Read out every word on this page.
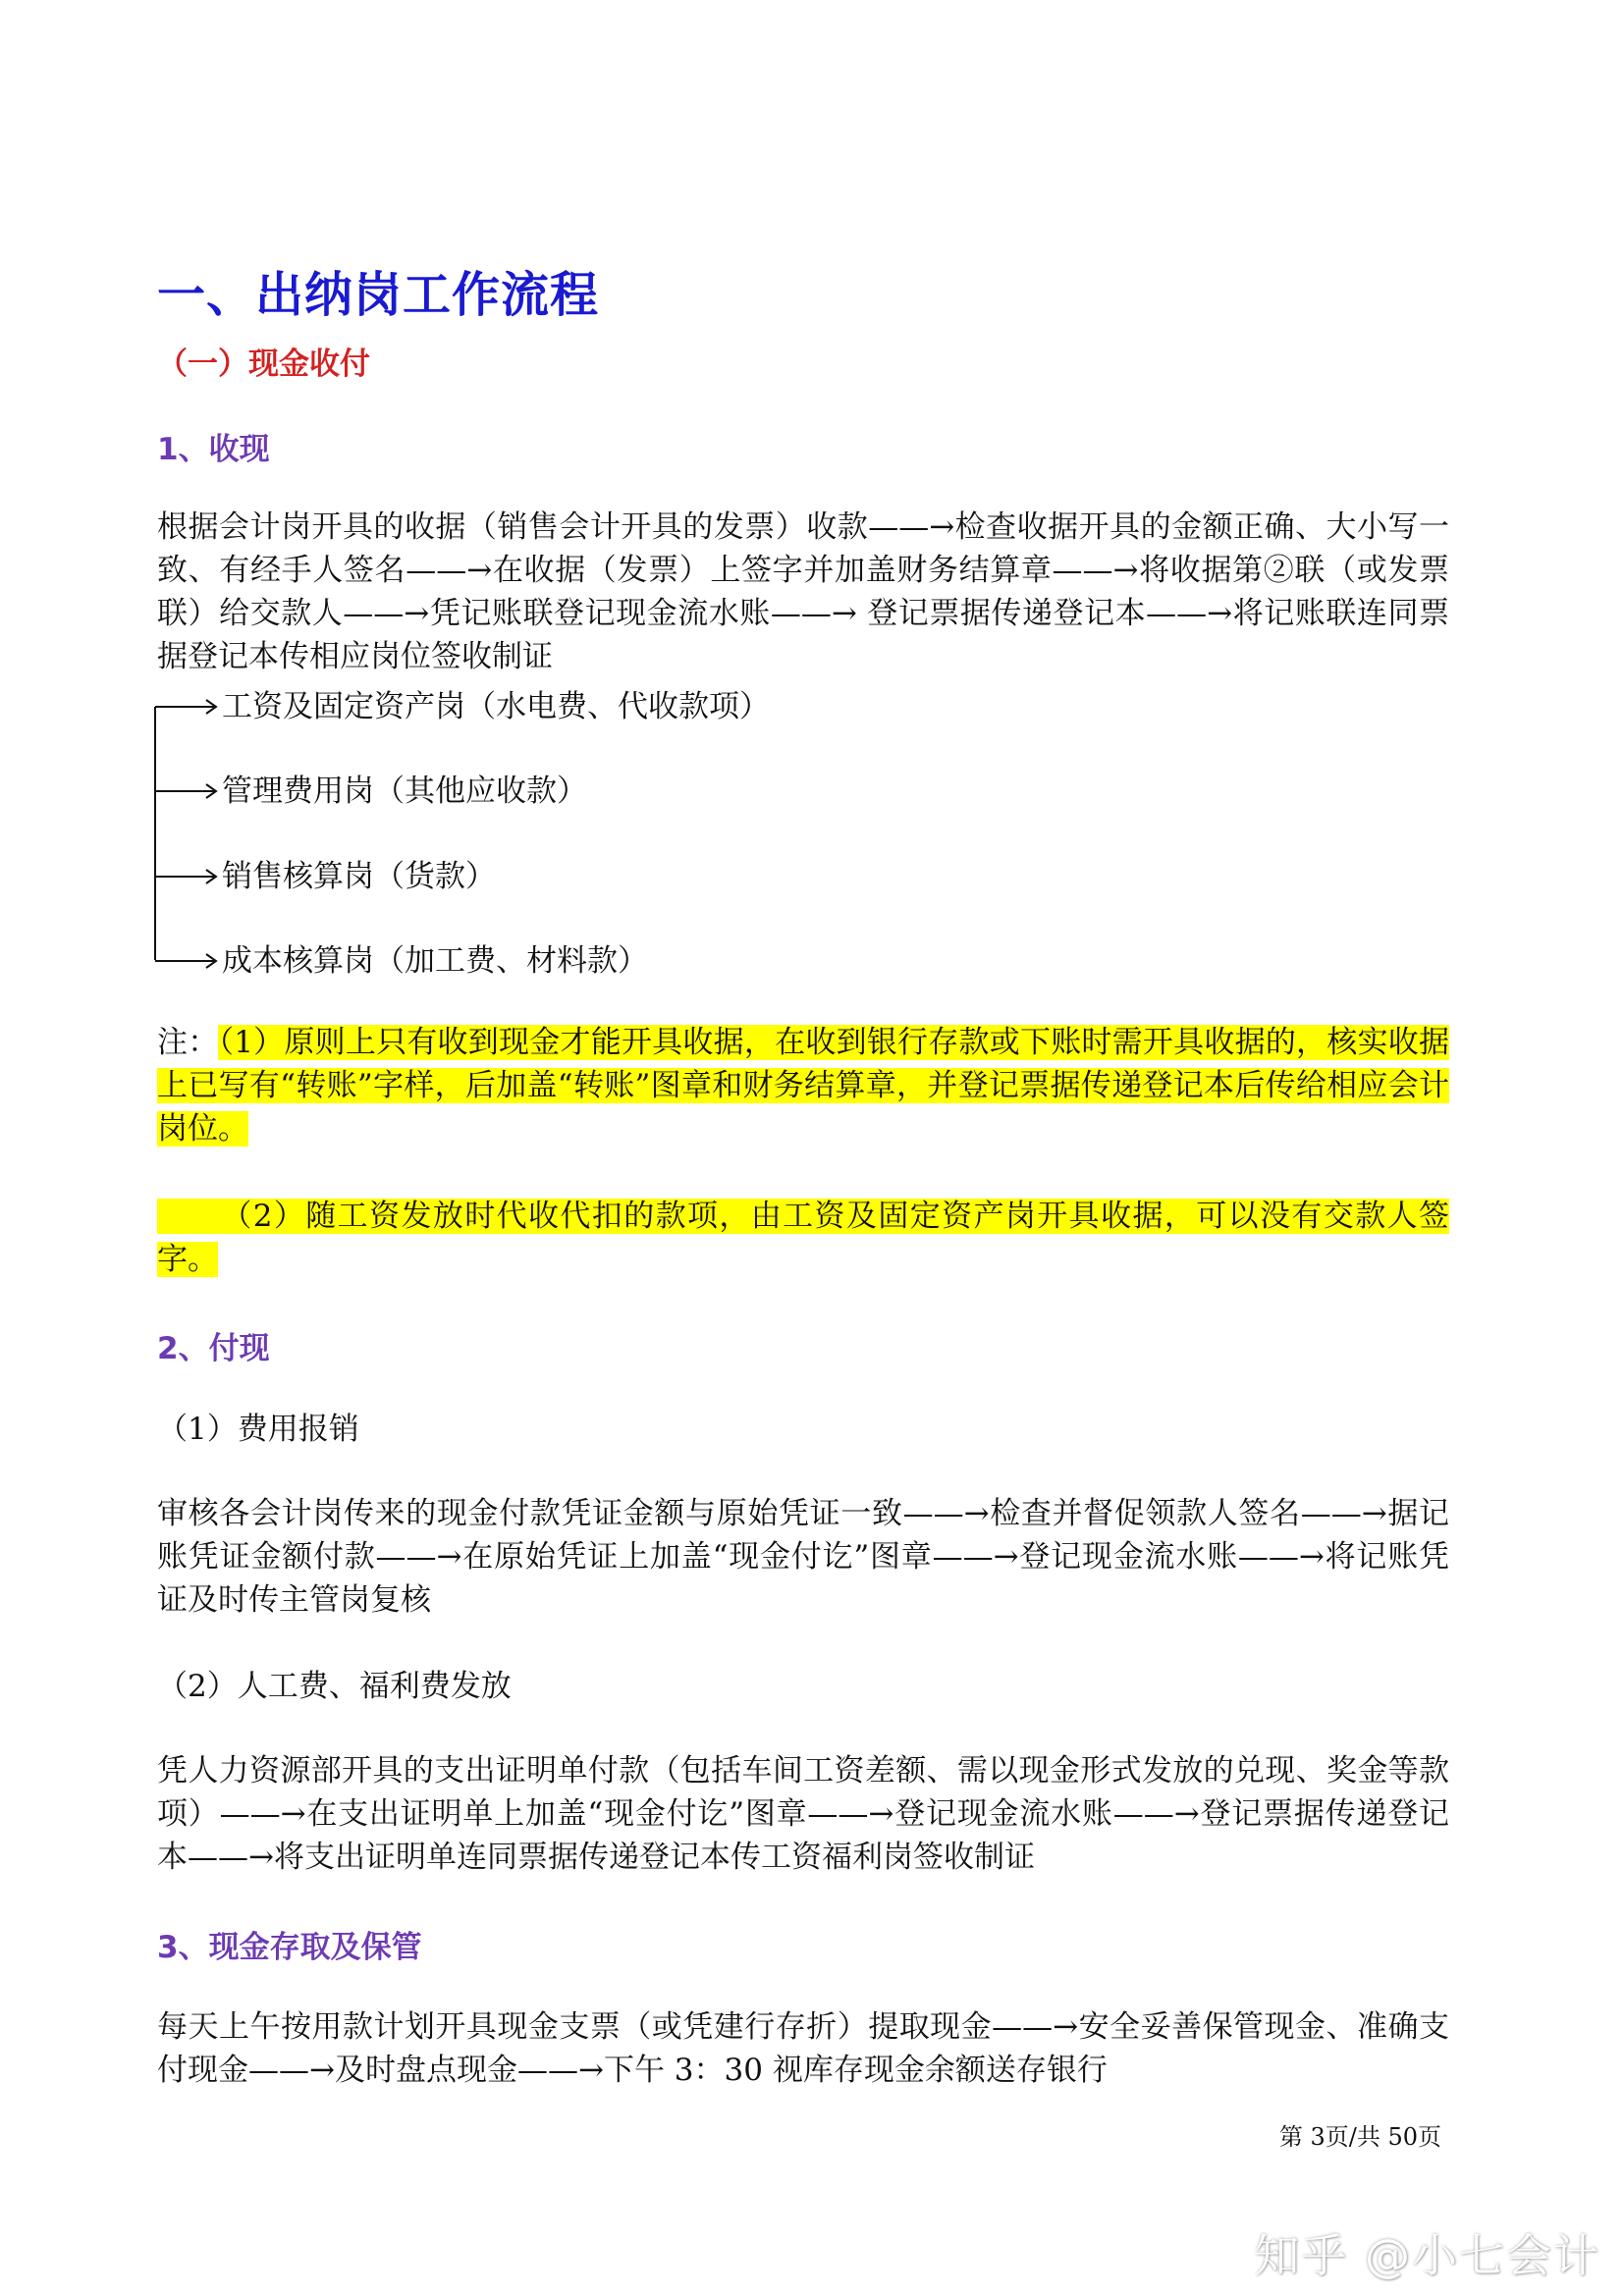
一、出纳岗工作流程
（一）现金收付
1、收现
根据会计岗开具的收据（销售会计开具的发票）收款——→检查收据开具的金额正确、大小写一致、有经手人签名——→在收据（发票）上签字并加盖财务结算章——→将收据第②联（或发票联）给交款人——→凭记账联登记现金流水账——→ 登记票据传递登记本——→将记账联连同票据登记本传相应岗位签收制证
工资及固定资产岗（水电费、代收款项）
管理费用岗（其他应收款）
销售核算岗（货款）
成本核算岗（加工费、材料款）
注：（1）原则上只有收到现金才能开具收据，在收到银行存款或下账时需开具收据的，核实收据上已写有“转账”字样，后加盖“转账”图章和财务结算章，并登记票据传递登记本后传给相应会计岗位。
（2）随工资发放时代收代扣的款项，由工资及固定资产岗开具收据，可以没有交款人签字。
2、付现
（1）费用报销
审核各会计岗传来的现金付款凭证金额与原始凭证一致——→检查并督促领款人签名——→据记账凭证金额付款——→在原始凭证上加盖“现金付讫”图章——→登记现金流水账——→将记账凭证及时传主管岗复核
（2）人工费、福利费发放
凭人力资源部开具的支出证明单付款（包括车间工资差额、需以现金形式发放的兑现、奖金等款项）——→在支出证明单上加盖“现金付讫”图章——→登记现金流水账——→登记票据传递登记本——→将支出证明单连同票据传递登记本传工资福利岗签收制证
3、现金存取及保管
每天上午按用款计划开具现金支票（或凭建行存折）提取现金——→安全妥善保管现金、准确支付现金——→及时盘点现金——→下午 3：30 视库存现金余额送存银行
第 3页/共 50页
知乎 @小七会计
